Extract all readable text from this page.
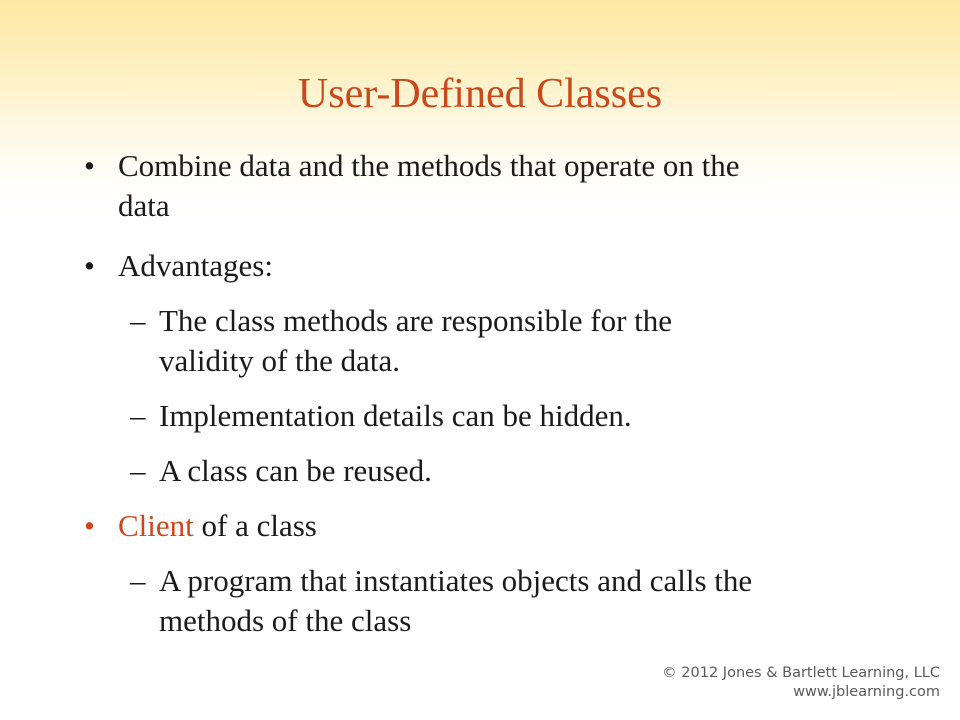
User-Defined Classes
• Combine data and the methods that operate on the
data
• Advantages:
– The class methods are responsible for the
validity of the data.
– Implementation details can be hidden.
– A class can be reused.
• Client of a class
– A program that instantiates objects and calls the
methods of the class
© 2012 Jones & Bartlett Learning, LLC
www.jblearning.com
